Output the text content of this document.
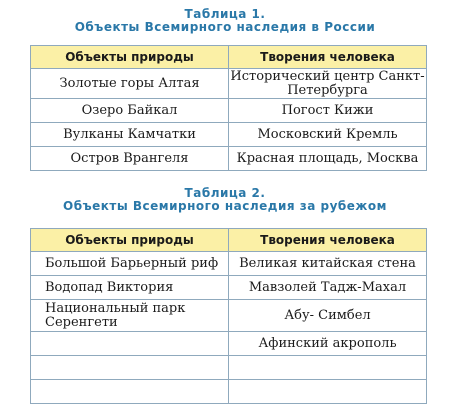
Таблица 1.
Объекты Всемирного наследия в России
Объекты природы	Творения человека
Золотые горы Алтая	Исторический центр Санкт-Петербурга
Озеро Байкал	Погост Кижи
Вулканы Камчатки	Московский Кремль
Остров Врангеля	Красная площадь, Москва
Таблица 2.
Объекты Всемирного наследия за рубежом
Объекты природы	Творения человека
Большой Барьерный риф	Великая китайская стена
Водопад Виктория	Мавзолей Тадж-Махал
Национальный парк Серенгети	Абу- Симбел
	Афинский акрополь
